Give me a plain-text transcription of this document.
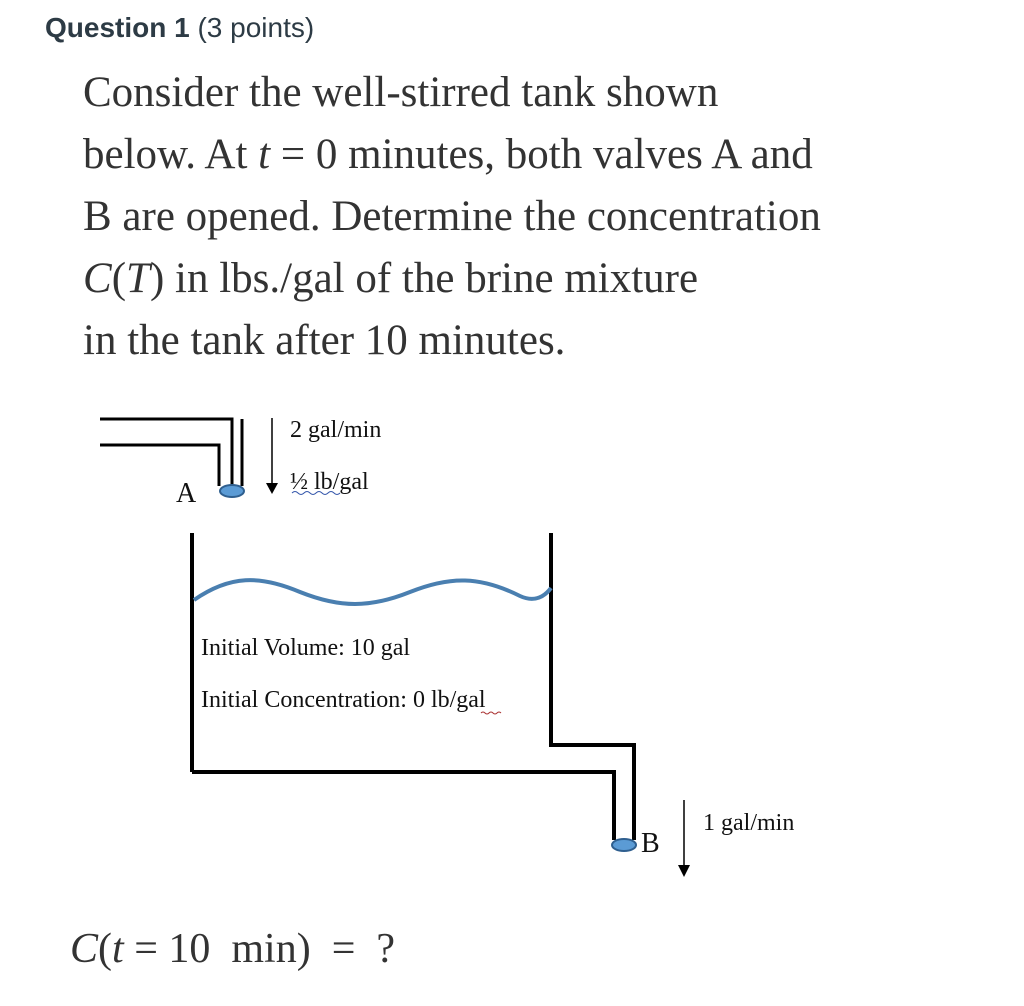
Question 1 (3 points)
Consider the well-stirred tank shown
below. At t = 0 minutes, both valves A and
B are opened. Determine the concentration
C(T) in lbs./gal of the brine mixture
in the tank after 10 minutes.
A
2 gal/min
½ lb/gal
Initial Volume: 10 gal
Initial Concentration: 0 lb/gal
B
1 gal/min
C(t = 10  min)  =  ?
